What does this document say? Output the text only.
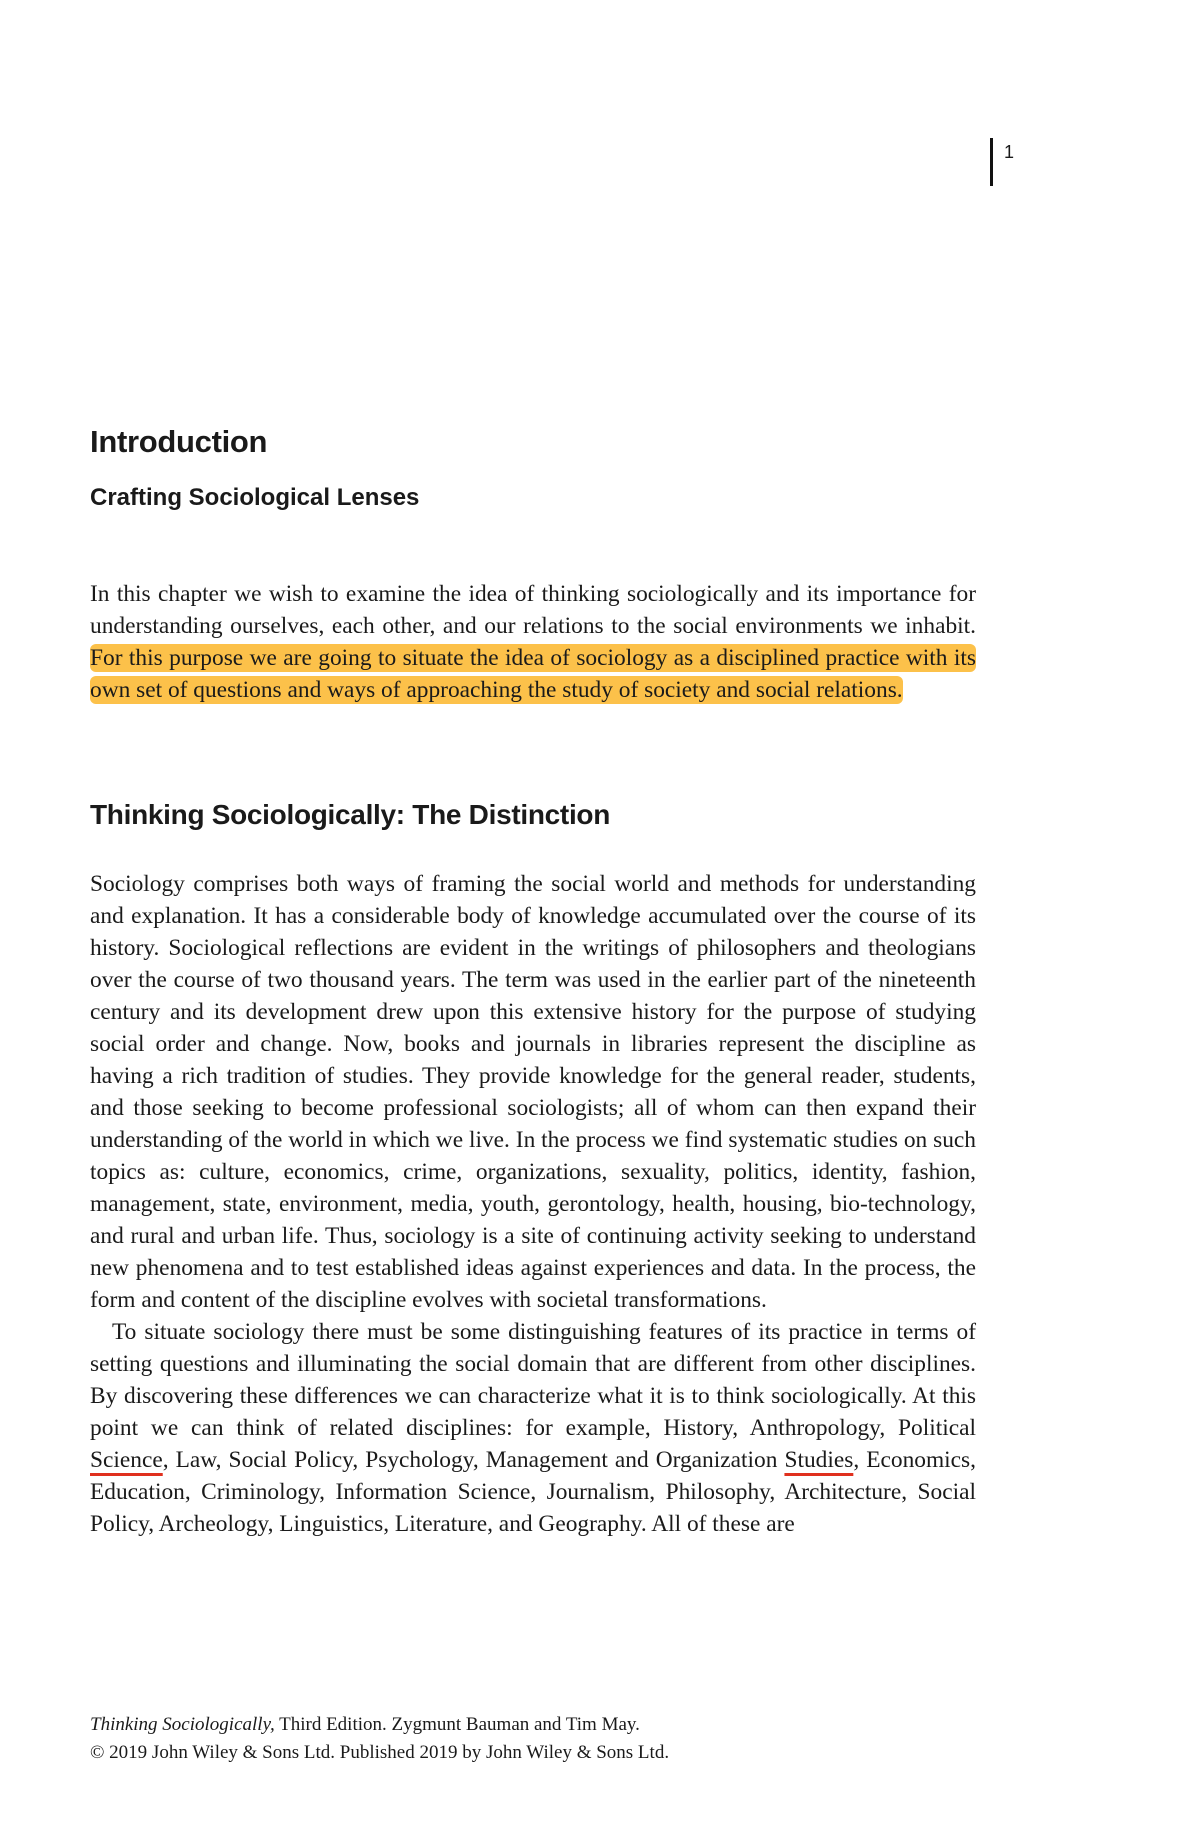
1
Introduction
Crafting Sociological Lenses

In this chapter we wish to examine the idea of thinking sociologically and its importance for understanding ourselves, each other, and our relations to the social environments we inhabit. For this purpose we are going to situate the idea of sociology as a disciplined practice with its own set of questions and ways of approaching the study of society and social relations.

Thinking Sociologically: The Distinction

Sociology comprises both ways of framing the social world and methods for understanding and explanation. It has a considerable body of knowledge accumulated over the course of its history. Sociological reflections are evident in the writings of philosophers and theologians over the course of two thousand years. The term was used in the earlier part of the nineteenth century and its development drew upon this extensive history for the purpose of studying social order and change. Now, books and journals in libraries represent the discipline as having a rich tradition of studies. They provide knowledge for the general reader, students, and those seeking to become professional sociologists; all of whom can then expand their understanding of the world in which we live. In the process we find systematic studies on such topics as: culture, economics, crime, organizations, sexuality, politics, identity, fashion, management, state, environment, media, youth, gerontology, health, housing, bio-technology, and rural and urban life. Thus, sociology is a site of continuing activity seeking to understand new phenomena and to test established ideas against experiences and data. In the process, the form and content of the discipline evolves with societal transformations.

To situate sociology there must be some distinguishing features of its practice in terms of setting questions and illuminating the social domain that are different from other disciplines. By discovering these differences we can characterize what it is to think sociologically. At this point we can think of related disciplines: for example, History, Anthropology, Political Science, Law, Social Policy, Psychology, Management and Organization Studies, Economics, Education, Criminology, Information Science, Journalism, Philosophy, Architecture, Social Policy, Archeology, Linguistics, Literature, and Geography. All of these are

Thinking Sociologically, Third Edition. Zygmunt Bauman and Tim May.
© 2019 John Wiley & Sons Ltd. Published 2019 by John Wiley & Sons Ltd.
